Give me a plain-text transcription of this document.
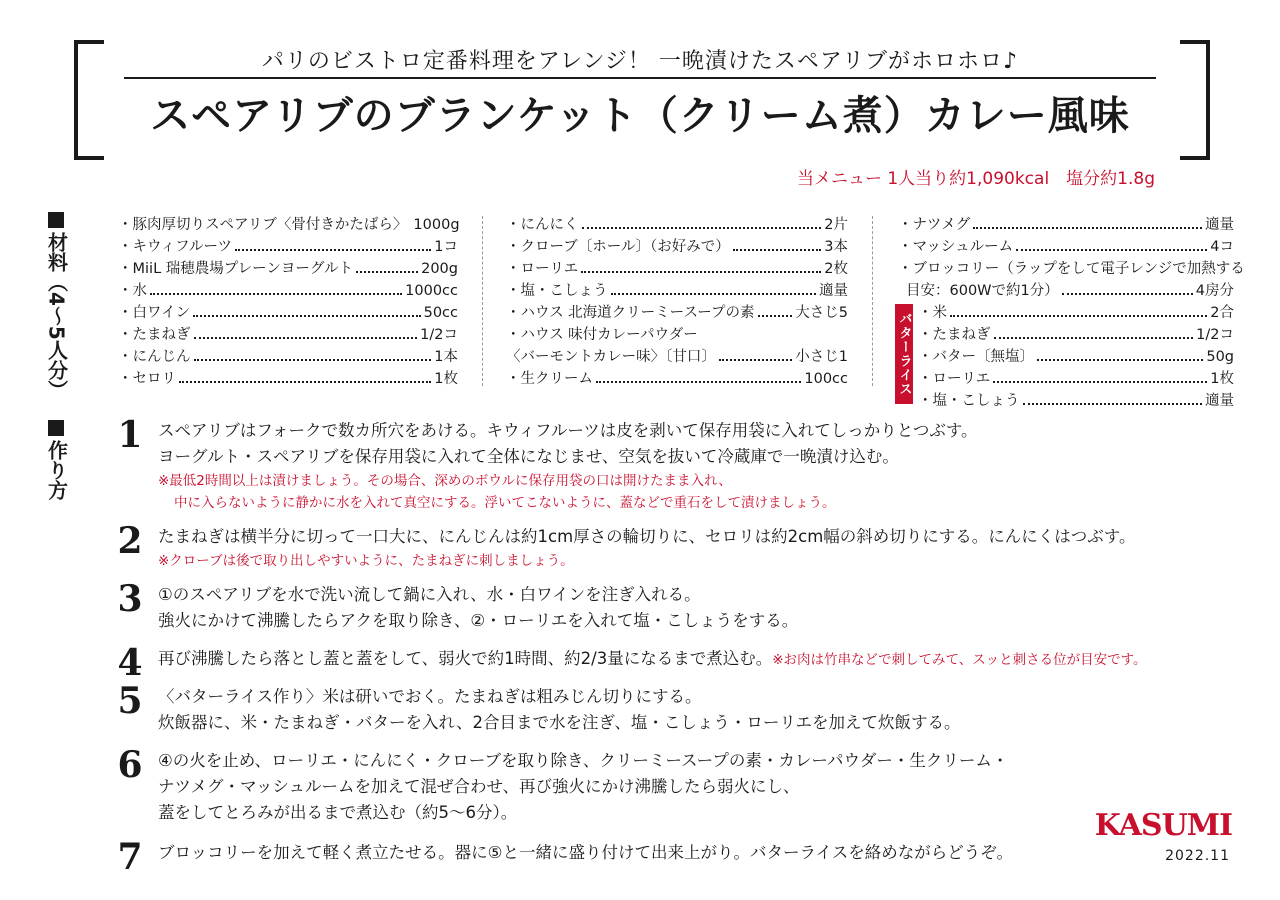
パリのビストロ定番料理をアレンジ！ 一晩漬けたスペアリブがホロホロ♪
スペアリブのブランケット（クリーム煮）カレー風味
当メニュー 1人当り約1,090kcal　塩分約1.8g
材料（4〜5人分）
作り方
・豚肉厚切りスペアリブ〈骨付きかたばら〉 1000g
・キウィフルーツ	1コ
・MiiL 瑞穂農場プレーンヨーグルト	200g
・水	1000cc
・白ワイン	50cc
・たまねぎ	1/2コ
・にんじん	1本
・セロリ	1枚
・にんにく	2片
・クローブ〔ホール〕（お好みで）	3本
・ローリエ	2枚
・塩・こしょう	適量
・ハウス 北海道クリーミースープの素	大さじ5
・ハウス 味付カレーパウダー
〈バーモントカレー味〉〔甘口〕	小さじ1
・生クリーム	100cc
・ナツメグ	適量
・マッシュルーム	4コ
・ブロッコリー（ラップをして電子レンジで加熱する
目安：600Wで約1分）	4房分
バターライス ・米	2合
・たまねぎ	1/2コ
・バター〔無塩〕	50g
・ローリエ	1枚
・塩・こしょう	適量
1 スペアリブはフォークで数カ所穴をあける。キウィフルーツは皮を剥いて保存用袋に入れてしっかりとつぶす。
ヨーグルト・スペアリブを保存用袋に入れて全体になじませ、空気を抜いて冷蔵庫で一晩漬け込む。
※最低2時間以上は漬けましょう。その場合、深めのボウルに保存用袋の口は開けたまま入れ、
中に入らないように静かに水を入れて真空にする。浮いてこないように、蓋などで重石をして漬けましょう。
2 たまねぎは横半分に切って一口大に、にんじんは約1cm厚さの輪切りに、セロリは約2cm幅の斜め切りにする。にんにくはつぶす。
※クローブは後で取り出しやすいように、たまねぎに刺しましょう。
3 ①のスペアリブを水で洗い流して鍋に入れ、水・白ワインを注ぎ入れる。
強火にかけて沸騰したらアクを取り除き、②・ローリエを入れて塩・こしょうをする。
4 再び沸騰したら落とし蓋と蓋をして、弱火で約1時間、約2/3量になるまで煮込む。※お肉は竹串などで刺してみて、スッと刺さる位が目安です。
5 〈バターライス作り〉米は研いでおく。たまねぎは粗みじん切りにする。
炊飯器に、米・たまねぎ・バターを入れ、2合目まで水を注ぎ、塩・こしょう・ローリエを加えて炊飯する。
6 ④の火を止め、ローリエ・にんにく・クローブを取り除き、クリーミースープの素・カレーパウダー・生クリーム・
ナツメグ・マッシュルームを加えて混ぜ合わせ、再び強火にかけ沸騰したら弱火にし、
蓋をしてとろみが出るまで煮込む（約5〜6分）。
7 ブロッコリーを加えて軽く煮立たせる。器に⑤と一緒に盛り付けて出来上がり。バターライスを絡めながらどうぞ。
KASUMI
2022.11
